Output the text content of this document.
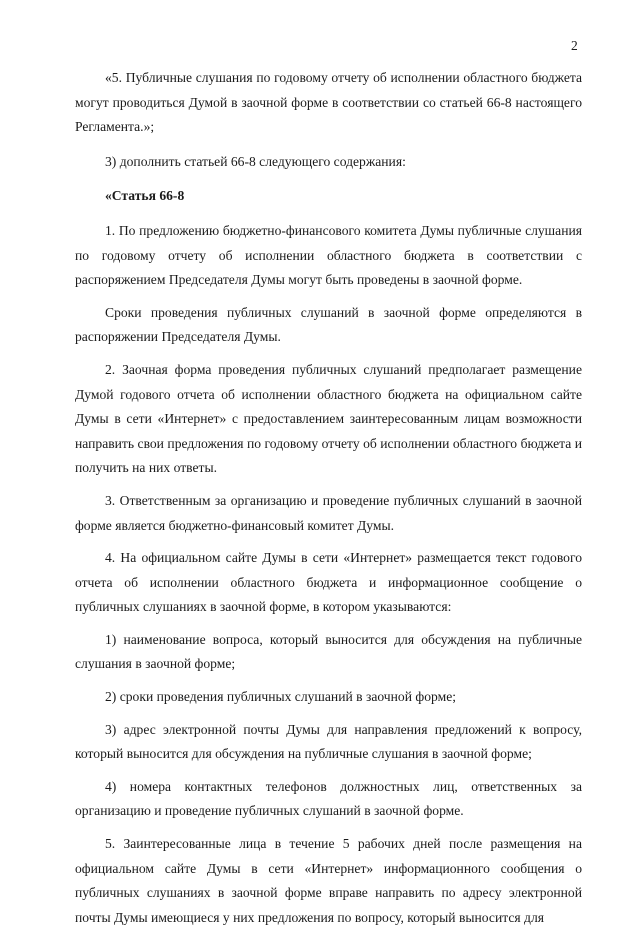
2

«5. Публичные слушания по годовому отчету об исполнении областного бюджета могут проводиться Думой в заочной форме в соответствии со статьей 66-8 настоящего Регламента.»;

3) дополнить статьей 66-8 следующего содержания:

«Статья 66-8

1. По предложению бюджетно-финансового комитета Думы публичные слушания по годовому отчету об исполнении областного бюджета в соответствии с распоряжением Председателя Думы могут быть проведены в заочной форме.

Сроки проведения публичных слушаний в заочной форме определяются в распоряжении Председателя Думы.

2. Заочная форма проведения публичных слушаний предполагает размещение Думой годового отчета об исполнении областного бюджета на официальном сайте Думы в сети «Интернет» с предоставлением заинтересованным лицам возможности направить свои предложения по годовому отчету об исполнении областного бюджета и получить на них ответы.

3. Ответственным за организацию и проведение публичных слушаний в заочной форме является бюджетно-финансовый комитет Думы.

4. На официальном сайте Думы в сети «Интернет» размещается текст годового отчета об исполнении областного бюджета и информационное сообщение о публичных слушаниях в заочной форме, в котором указываются:

1) наименование вопроса, который выносится для обсуждения на публичные слушания в заочной форме;

2) сроки проведения публичных слушаний в заочной форме;

3) адрес электронной почты Думы для направления предложений к вопросу, который выносится для обсуждения на публичные слушания в заочной форме;

4) номера контактных телефонов должностных лиц, ответственных за организацию и проведение публичных слушаний в заочной форме.

5. Заинтересованные лица в течение 5 рабочих дней после размещения на официальном сайте Думы в сети «Интернет» информационного сообщения о публичных слушаниях в заочной форме вправе направить по адресу электронной почты Думы имеющиеся у них предложения по вопросу, который выносится для
